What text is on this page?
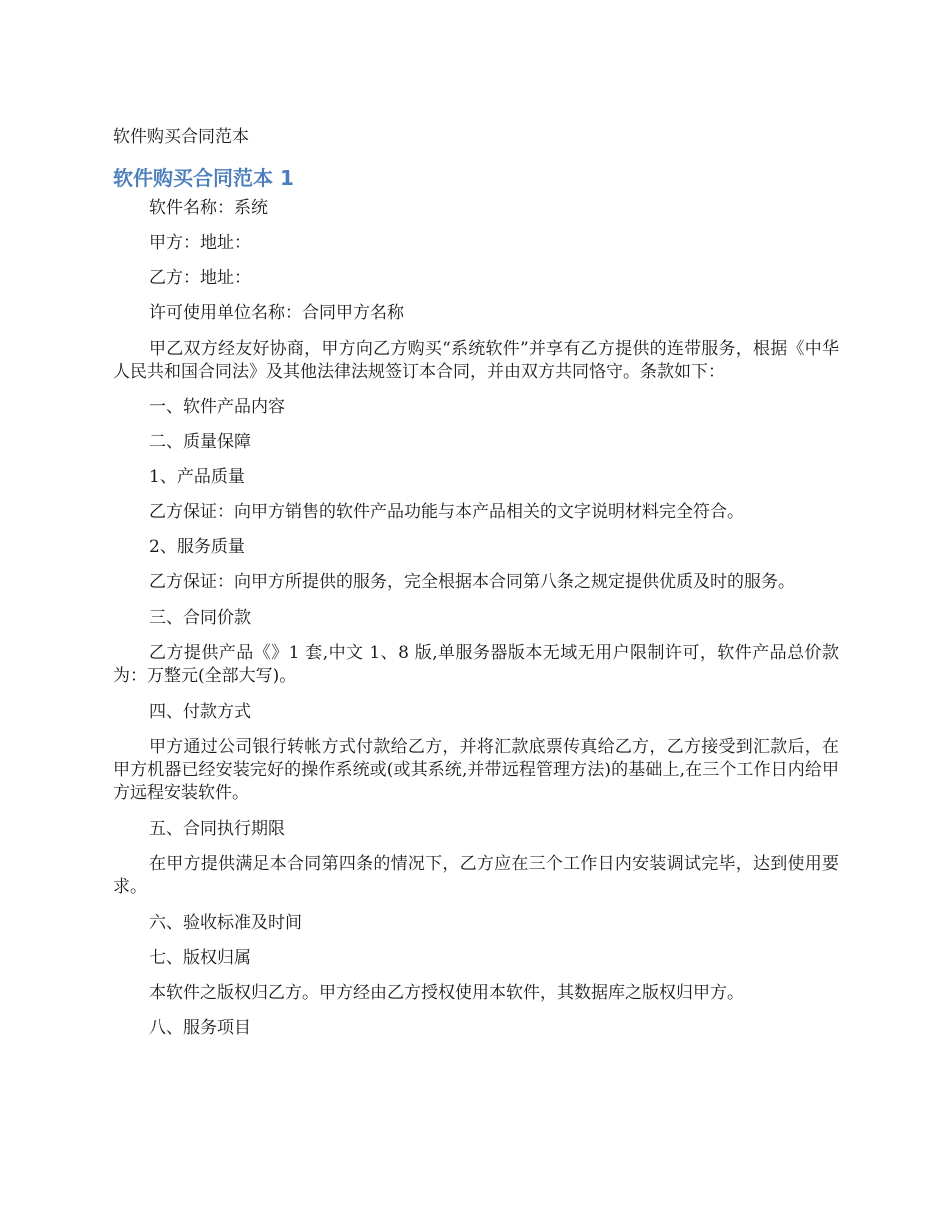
软件购买合同范本
软件购买合同范本 1

软件名称：系统

甲方：地址：

乙方：地址：

许可使用单位名称：合同甲方名称

甲乙双方经友好协商，甲方向乙方购买“系统软件”并享有乙方提供的连带服务，根据《中华人民共和国合同法》及其他法律法规签订本合同，并由双方共同恪守。条款如下：

一、软件产品内容

二、质量保障

1、产品质量

乙方保证：向甲方销售的软件产品功能与本产品相关的文字说明材料完全符合。

2、服务质量

乙方保证：向甲方所提供的服务，完全根据本合同第八条之规定提供优质及时的服务。

三、合同价款

乙方提供产品《》1 套,中文 1、8 版,单服务器版本无域无用户限制许可，软件产品总价款为：万整元(全部大写)。

四、付款方式

甲方通过公司银行转帐方式付款给乙方，并将汇款底票传真给乙方，乙方接受到汇款后，在甲方机器已经安装完好的操作系统或(或其系统,并带远程管理方法)的基础上,在三个工作日内给甲方远程安装软件。

五、合同执行期限

在甲方提供满足本合同第四条的情况下，乙方应在三个工作日内安装调试完毕，达到使用要求。

六、验收标准及时间

七、版权归属

本软件之版权归乙方。甲方经由乙方授权使用本软件，其数据库之版权归甲方。

八、服务项目
